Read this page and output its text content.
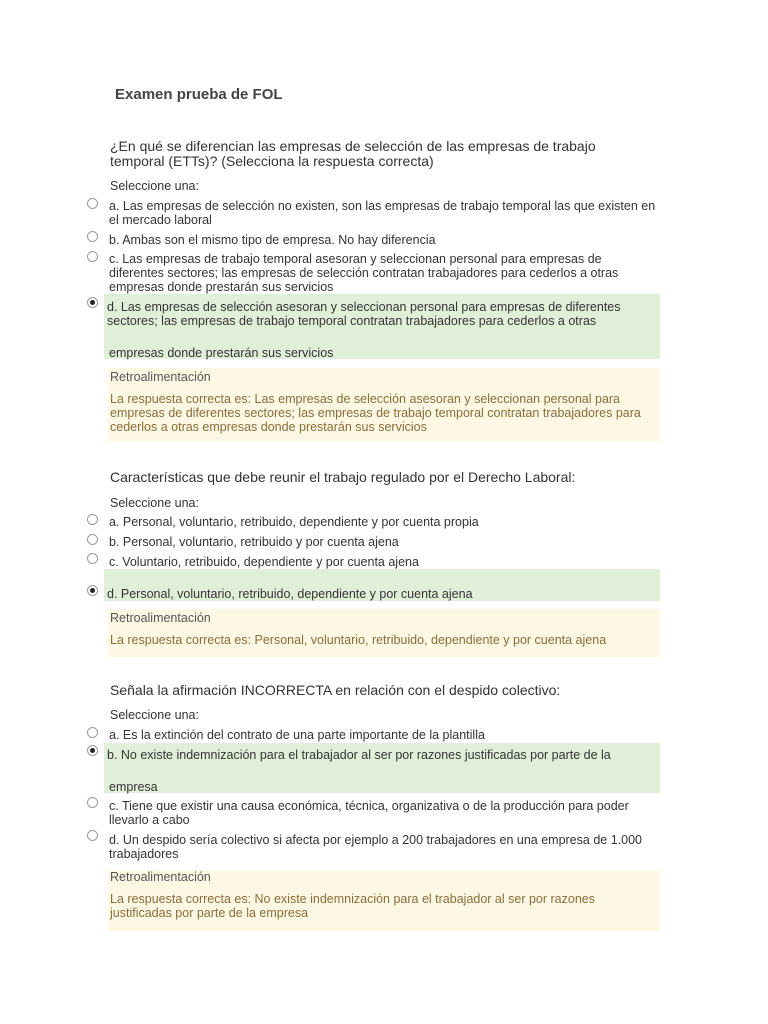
Examen prueba de FOL

¿En qué se diferencian las empresas de selección de las empresas de trabajo temporal (ETTs)? (Selecciona la respuesta correcta)

Seleccione una:

a. Las empresas de selección no existen, son las empresas de trabajo temporal las que existen en el mercado laboral

b. Ambas son el mismo tipo de empresa. No hay diferencia

c. Las empresas de trabajo temporal asesoran y seleccionan personal para empresas de diferentes sectores; las empresas de selección contratan trabajadores para cederlos a otras empresas donde prestarán sus servicios

d. Las empresas de selección asesoran y seleccionan personal para empresas de diferentes sectores; las empresas de trabajo temporal contratan trabajadores para cederlos a otras

empresas donde prestarán sus servicios

Retroalimentación

La respuesta correcta es: Las empresas de selección asesoran y seleccionan personal para empresas de diferentes sectores; las empresas de trabajo temporal contratan trabajadores para cederlos a otras empresas donde prestarán sus servicios

Características que debe reunir el trabajo regulado por el Derecho Laboral:

Seleccione una:

a. Personal, voluntario, retribuido, dependiente y por cuenta propia

b. Personal, voluntario, retribuido y por cuenta ajena

c. Voluntario, retribuido, dependiente y por cuenta ajena

d. Personal, voluntario, retribuido, dependiente y por cuenta ajena

Retroalimentación

La respuesta correcta es: Personal, voluntario, retribuido, dependiente y por cuenta ajena

Señala la afirmación INCORRECTA en relación con el despido colectivo:

Seleccione una:

a. Es la extinción del contrato de una parte importante de la plantilla

b. No existe indemnización para el trabajador al ser por razones justificadas por parte de la

empresa

c. Tiene que existir una causa económica, técnica, organizativa o de la producción para poder llevarlo a cabo

d. Un despido sería colectivo si afecta por ejemplo a 200 trabajadores en una empresa de 1.000 trabajadores

Retroalimentación

La respuesta correcta es: No existe indemnización para el trabajador al ser por razones justificadas por parte de la empresa
